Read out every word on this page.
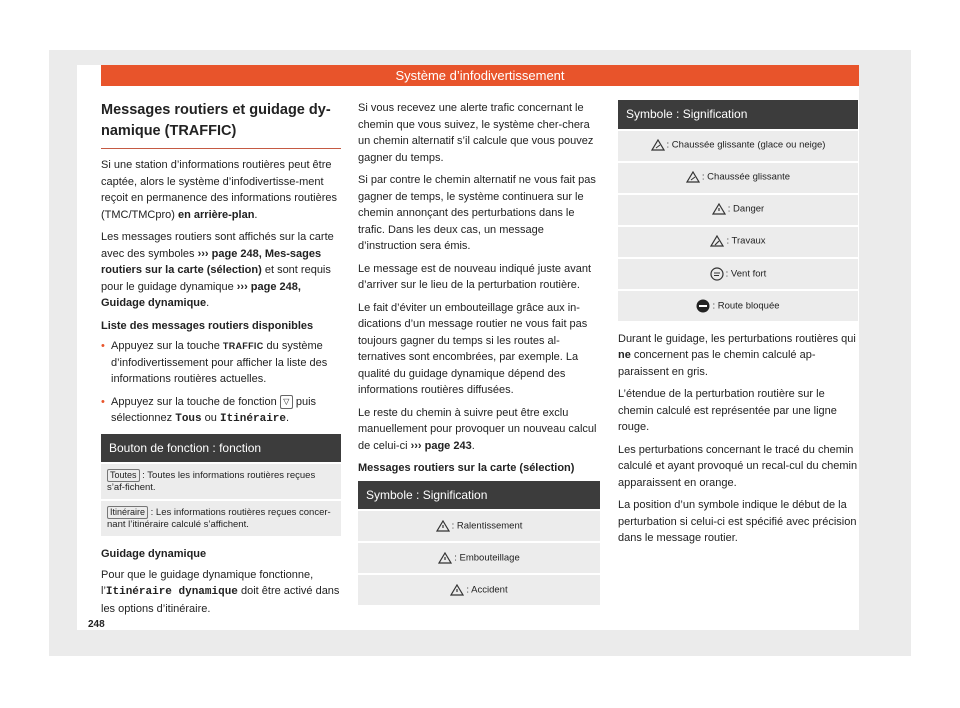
Système d’infodivertissement
Messages routiers et guidage dy-namique (TRAFFIC)

Si une station d’informations routières peut être captée, alors le système d’infodivertisse-ment reçoit en permanence des informations routières (TMC/TMCpro) en arrière-plan.

Les messages routiers sont affichés sur la carte avec des symboles ››› page 248, Mes-sages routiers sur la carte (sélection) et sont requis pour le guidage dynamique ››› page 248, Guidage dynamique.

Liste des messages routiers disponibles

• Appuyez sur la touche TRAFFIC du système d’infodivertissement pour afficher la liste des informations routières actuelles.

• Appuyez sur la touche de fonction ▽ puis sélectionnez Tous ou Itinéraire.

Bouton de fonction : fonction
Toutes : Toutes les informations routières reçues s’af-fichent.
Itinéraire : Les informations routières reçues concer-nant l’itinéraire calculé s’affichent.

Guidage dynamique

Pour que le guidage dynamique fonctionne, l’Itinéraire dynamique doit être activé dans les options d’itinéraire.

Si vous recevez une alerte trafic concernant le chemin que vous suivez, le système cher-chera un chemin alternatif s’il calcule que vous pouvez gagner du temps.

Si par contre le chemin alternatif ne vous fait pas gagner de temps, le système continuera sur le chemin annonçant des perturbations dans le trafic. Dans les deux cas, un message d’instruction sera émis.

Le message est de nouveau indiqué juste avant d’arriver sur le lieu de la perturbation routière.

Le fait d’éviter un embouteillage grâce aux in-dications d’un message routier ne vous fait pas toujours gagner du temps si les routes al-ternatives sont encombrées, par exemple. La qualité du guidage dynamique dépend des informations routières diffusées.

Le reste du chemin à suivre peut être exclu manuellement pour provoquer un nouveau calcul de celui-ci ››› page 243.

Messages routiers sur la carte (sélection)

Symbole : Signification
: Ralentissement
: Embouteillage
: Accident
Symbole : Signification
: Chaussée glissante (glace ou neige)
: Chaussée glissante
: Danger
: Travaux
: Vent fort
: Route bloquée

Durant le guidage, les perturbations routières qui ne concernent pas le chemin calculé ap-paraissent en gris.

L’étendue de la perturbation routière sur le chemin calculé est représentée par une ligne rouge.

Les perturbations concernant le tracé du chemin calculé et ayant provoqué un recal-cul du chemin apparaissent en orange.

La position d’un symbole indique le début de la perturbation si celui-ci est spécifié avec précision dans le message routier.

248
